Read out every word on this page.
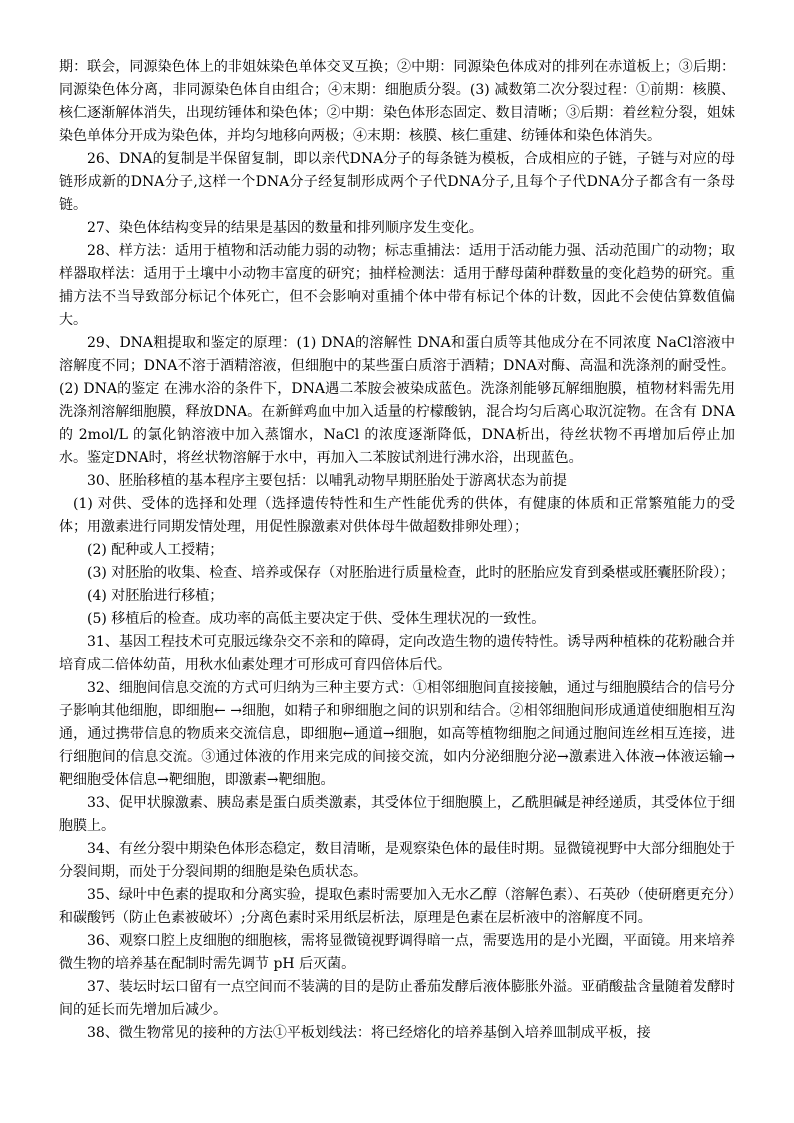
期：联会，同源染色体上的非姐妹染色单体交叉互换；②中期：同源染色体成对的排列在赤道板上；③后期：同源染色体分离，非同源染色体自由组合；④末期：细胞质分裂。(3) 减数第二次分裂过程：①前期：核膜、核仁逐渐解体消失，出现纺锤体和染色体；②中期：染色体形态固定、数目清晰；③后期：着丝粒分裂，姐妹染色单体分开成为染色体，并均匀地移向两极；④末期：核膜、核仁重建、纺锤体和染色体消失。

26、DNA的复制是半保留复制，即以亲代DNA分子的每条链为模板，合成相应的子链，子链与对应的母链形成新的DNA分子,这样一个DNA分子经复制形成两个子代DNA分子,且每个子代DNA分子都含有一条母链。

27、染色体结构变异的结果是基因的数量和排列顺序发生变化。

28、样方法：适用于植物和活动能力弱的动物；标志重捕法：适用于活动能力强、活动范围广的动物；取样器取样法：适用于土壤中小动物丰富度的研究；抽样检测法：适用于酵母菌种群数量的变化趋势的研究。重捕方法不当导致部分标记个体死亡，但不会影响对重捕个体中带有标记个体的计数，因此不会使估算数值偏大。

29、DNA粗提取和鉴定的原理：(1) DNA的溶解性 DNA和蛋白质等其他成分在不同浓度 NaCl溶液中溶解度不同；DNA不溶于酒精溶液，但细胞中的某些蛋白质溶于酒精；DNA对酶、高温和洗涤剂的耐受性。(2) DNA的鉴定 在沸水浴的条件下，DNA遇二苯胺会被染成蓝色。洗涤剂能够瓦解细胞膜，植物材料需先用洗涤剂溶解细胞膜，释放DNA。在新鲜鸡血中加入适量的柠檬酸钠，混合均匀后离心取沉淀物。在含有 DNA的 2mol/L 的氯化钠溶液中加入蒸馏水，NaCl 的浓度逐渐降低，DNA析出，待丝状物不再增加后停止加水。鉴定DNA时，将丝状物溶解于水中，再加入二苯胺试剂进行沸水浴，出现蓝色。

30、胚胎移植的基本程序主要包括：以哺乳动物早期胚胎处于游离状态为前提

(1) 对供、受体的选择和处理（选择遗传特性和生产性能优秀的供体，有健康的体质和正常繁殖能力的受体；用激素进行同期发情处理，用促性腺激素对供体母牛做超数排卵处理）；

(2) 配种或人工授精；

(3) 对胚胎的收集、检查、培养或保存（对胚胎进行质量检查，此时的胚胎应发育到桑椹或胚囊胚阶段）；

(4) 对胚胎进行移植；

(5) 移植后的检查。成功率的高低主要决定于供、受体生理状况的一致性。

31、基因工程技术可克服远缘杂交不亲和的障碍，定向改造生物的遗传特性。诱导两种植株的花粉融合并培育成二倍体幼苗，用秋水仙素处理才可形成可育四倍体后代。

32、细胞间信息交流的方式可归纳为三种主要方式：①相邻细胞间直接接触，通过与细胞膜结合的信号分子影响其他细胞，即细胞← →细胞，如精子和卵细胞之间的识别和结合。②相邻细胞间形成通道使细胞相互沟通，通过携带信息的物质来交流信息，即细胞←通道→细胞，如高等植物细胞之间通过胞间连丝相互连接，进行细胞间的信息交流。③通过体液的作用来完成的间接交流，如内分泌细胞分泌→激素进入体液→体液运输→靶细胞受体信息→靶细胞，即激素→靶细胞。

33、促甲状腺激素、胰岛素是蛋白质类激素，其受体位于细胞膜上，乙酰胆碱是神经递质，其受体位于细胞膜上。

34、有丝分裂中期染色体形态稳定，数目清晰，是观察染色体的最佳时期。显微镜视野中大部分细胞处于分裂间期，而处于分裂间期的细胞是染色质状态。

35、绿叶中色素的提取和分离实验，提取色素时需要加入无水乙醇（溶解色素）、石英砂（使研磨更充分）和碳酸钙（防止色素被破坏）;分离色素时采用纸层析法，原理是色素在层析液中的溶解度不同。

36、观察口腔上皮细胞的细胞核，需将显微镜视野调得暗一点，需要选用的是小光圈，平面镜。用来培养微生物的培养基在配制时需先调节 pH 后灭菌。

37、装坛时坛口留有一点空间而不装满的目的是防止番茄发酵后液体膨胀外溢。亚硝酸盐含量随着发酵时间的延长而先增加后减少。

38、微生物常见的接种的方法①平板划线法：将已经熔化的培养基倒入培养皿制成平板，接
